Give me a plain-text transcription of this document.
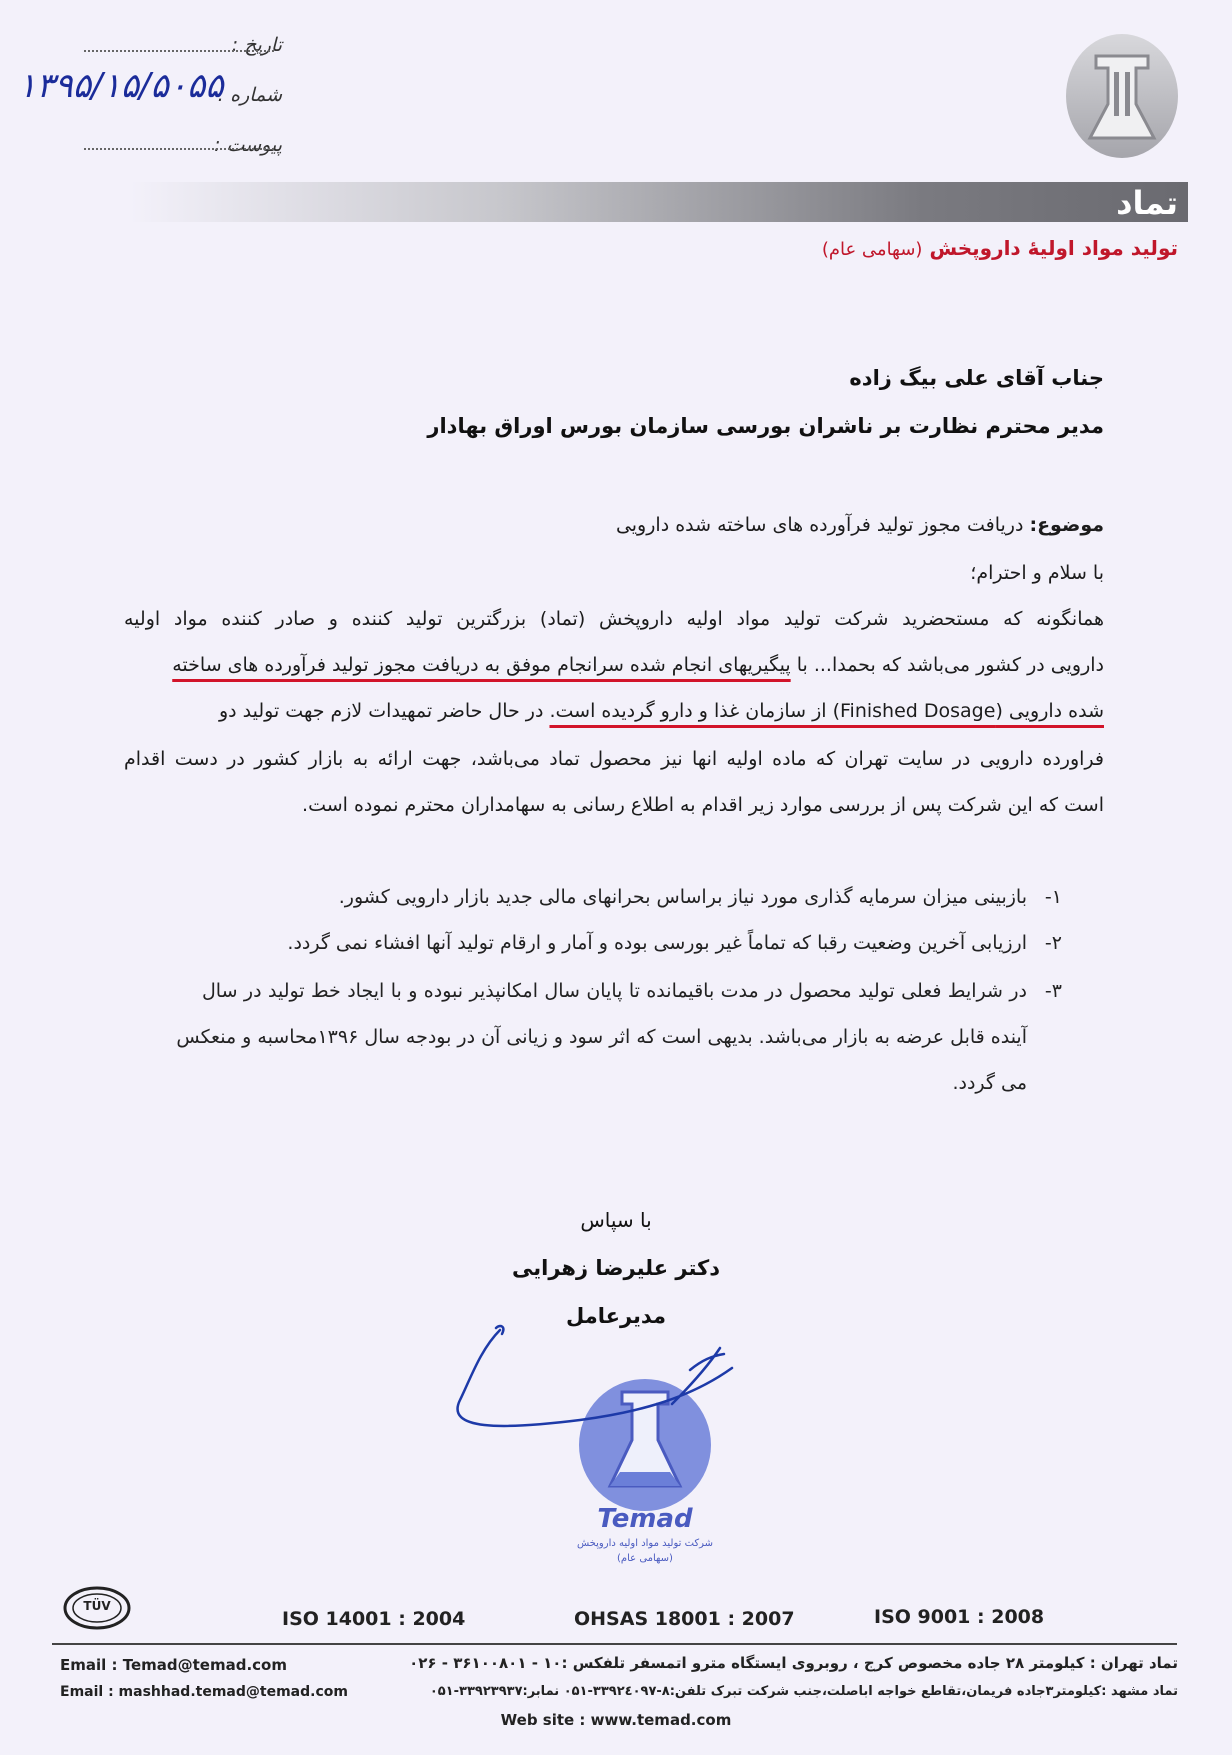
تاریخ :
شماره :
۱۳۹۵/۱۵/۵۰۵۵
پیوست :
تماد
تولید مواد اولیهٔ داروپخش (سهامی عام)
جناب آقای علی بیگ زاده
مدیر محترم نظارت بر ناشران بورسی سازمان بورس اوراق بهادار
موضوع: دریافت مجوز تولید فرآورده های ساخته شده دارویی
با سلام و احترام؛
همانگونه که مستحضرید شرکت تولید مواد اولیه داروپخش (تماد) بزرگترین تولید کننده و صادر کننده مواد اولیه
دارویی در کشور می‌باشد که بحمدا... با پیگیریهای انجام شده سرانجام موفق به دریافت مجوز تولید فرآورده های ساخته
شده دارویی (Finished Dosage) از سازمان غذا و دارو گردیده است. در حال حاضر تمهیدات لازم جهت تولید دو
فراورده دارویی در سایت تهران که ماده اولیه انها نیز محصول تماد می‌باشد، جهت ارائه به بازار کشور در دست اقدام
است که این شرکت پس از بررسی موارد زیر اقدام به اطلاع رسانی به سهامداران محترم نموده است.
۱-
بازبینی میزان سرمایه گذاری مورد نیاز براساس بحرانهای مالی جدید بازار دارویی کشور.
۲-
ارزیابی آخرین وضعیت رقبا که تماماً غیر بورسی بوده و آمار و ارقام تولید آنها افشاء نمی گردد.
۳-
در شرایط فعلی تولید محصول در مدت باقیمانده تا پایان سال امکانپذیر نبوده و با ایجاد خط تولید در سال
آینده قابل عرضه به بازار می‌باشد. بدیهی است که اثر سود و زیانی آن در بودجه سال ۱۳۹۶محاسبه و منعکس
می گردد.
با سپاس
دکتر علیرضا زهرایی
مدیرعامل
Temad
شرکت تولید مواد اولیه داروپخش
(سهامی عام)
TÜV
ISO 14001 : 2004	OHSAS 18001 : 2007	ISO 9001 : 2008
تماد تهران : کیلومتر ۲۸ جاده مخصوص کرج ، روبروی ایستگاه مترو اتمسفر تلفکس :۱۰ - ۳۶۱۰۰۸۰۱ - ۰۲۶
Email : Temad@temad.com
تماد مشهد :کیلومتر۳جاده فریمان،تقاطع خواجه اباصلت،جنب شرکت تبرک تلفن:۸-۳۳۹۲٤۰۹۷-۰۵۱ نمابر:۳۳۹۲۳۹۳۷-۰۵۱
Email : mashhad.temad@temad.com
Web site : www.temad.com
